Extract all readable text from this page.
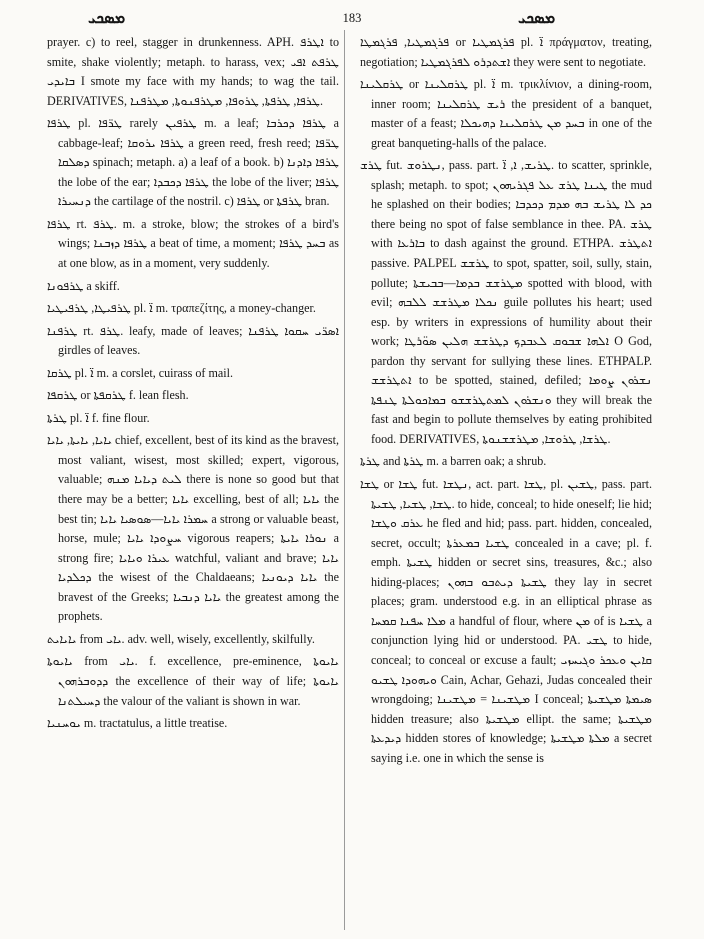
ܡܣܟܝ	183	ܡܣܟܝ

prayer. c) to reel, stagger in drunkenness. APH. ܐܛܪܦ to smite, shake violently; metaph. to harass, vex; ܛܪܦܬ ܐܦܝ ܒܐܝܕܝ I smote my face with my hands; to wag the tail. DERIVATIVES, ܛܪܦܐ, ܛܪܦܬܐ, ܛܪܘܦܐ, ܡܛܪܦܢܘܬܐ, ܡܛܪܦܢܐ.

ܛܪܦܐ pl. ܛܪ̈ܦܐ rarely ܛܪܦܝܢ m. a leaf; ܛܪܦܐ ܕܟܪܒܐ a cabbage-leaf; ܛܪܦܐ ܝܪܘܩܐ a green reed, fresh reed; ܛܪ̈ܦܐ ܕܣܠܩܐ spinach; metaph. a) a leaf of a book. b) ܛܪܦܐ ܕܐܕܢܐ the lobe of the ear; ܛܪܦܐ ܕܟܒܕܐ the lobe of the liver; ܛܪܦܐ ܕܢܚܝܪܐ the cartilage of the nostril. c) ܛܪܦܐ or ܛܪܦܬܐ bran.

ܛܪܦܐ rt. ܛܪܦ. m. a stroke, blow; the strokes of a bird's wings; ܛܪܦܐ ܕܙܒܢܐ a beat of time, a moment; ܒܚܕ ܛܪܦܐ as at one blow, as in a moment, very suddenly.

ܛܪܦܘܢܐ a skiff.

ܛܪܦܝܛܐ, ܛܪܦܝܛܝܐ pl. ܐ̈ m. τραπεζίτης, a money-changer.

ܛܪܦܢܐ rt. ܛܪܦ. leafy, made of leaves; ܐܣܪ̈ܝ ܚܩܘܐ ܛܪܦܢܐ girdles of leaves.

ܛܪܩܐ pl. ܐ̈ m. a corslet, cuirass of mail.

ܛܪܩܦܐ or ܛܪܩܦܬܐ f. lean flesh.

ܛܪܬܐ pl. ܐ̈ f. fine flour.

ܝܐܝܐ, ܝܐܝܬܐ, ܝܐܝܐ chief, excellent, best of its kind as the bravest, most valiant, wisest, most skilled; expert, vigorous, valuable; ܠܝܬ ܕܝܐܝܐ ܡܢܗ there is none so good but that there may be a better; ܝܐܝܐ excelling, best of all; ܝܐܝܐ the best tin; ܚܡܪܐ ܝܐܝܐ—ܣܘܣܝܐ ܝܐܝܐ a strong or valuable beast, horse, mule; ܚܨܘܕܐ ܝܐܝܐ vigorous reapers; ܢܘܪܐ ܝܐܝܬܐ a strong fire; ܥܝܪܐ ܘܝܐܝܐ watchful, valiant and brave; ܝܐܝܐ ܕܟܠܕܝܐ the wisest of the Chaldaeans; ܝܐܝܐ ܕܝܘܢܝܐ the bravest of the Greeks; ܝܐܝܐ ܕܢܒܝܐ the greatest among the prophets.

ܝܐܝܐܝܬ from ܝܐܝ. adv. well, wisely, excellently, skilfully.

ܝܐܝܘܬܐ from ܝܐܝ. f. excellence, pre-eminence, ܝܐܝܘܬܐ ܕܕܘܒܪܗܘܢ the excellence of their way of life; ܝܐܝܘܬܐ ܕܚܝܠܬܢܐ the valour of the valiant is shown in war.

ܝܘܚܢܝܐ m. tractatulus, a little treatise.

ܦܪܓܡܛܝܐ, ܦܪܓܡܛܐ or ܦܪܓܡܛܝܐ pl. ܐ̈ πράγματον, treating, negotiation; ܐܫܬܕܪܘ ܠܦܪܓܡܛܝܐ they were sent to negotiate.

ܛܪܩܠܝܢܐ or ܛܪܩܠܝܢܐ pl. ܐ̈ m. τρικλίνιον, a dining-room, inner room; ܪܝܫ ܛܪܩܠܝܢܐ the president of a banquet, master of a feast; ܒܚܕ ܡܢ ܛܪܩܠܝܢܐ ܕܗܝܟܠܐ in one of the great banqueting-halls of the palace.

ܛܪܫ fut. ܢܛܪܘܫ, pass. part. ܛܪܝܫ, ܐ, ܐ̈. to scatter, sprinkle, splash; metaph. to spot; ܛܝܢܐ ܛܪܫ ܥܠ ܦܓܪܝܗܘܢ the mud he splashed on their bodies; ܟܕ ܠܐ ܛܪܝܫ ܒܗ ܡܕܡ ܕܟܕܒܐ there being no spot of false semblance in thee. PA. ܛܪܫ with ܒܐܪܥܐ to dash against the ground. ETHPA. ܐܬܛܪܫ passive. PALPEL ܛܪܫܫ to spot, spatter, soil, sully, stain, pollute; ܡܛܪܫܫ ܒܕܡܐ—ܒܒܝܫܬܐ spotted with blood, with evil; ܢܟܠܐ ܡܛܪܫܫ ܠܠܒܗ guile pollutes his heart; used esp. by writers in expressions of humility about their work; ܐܠܗܐ ܫܒܘܩ ܠܥܒܕܟ ܕܛܪܫܫ ܗܠܝܢ ܣܘ̈ܪܛܐ O God, pardon thy servant for sullying these lines. ETHPALP. ܐܬܛܪܫܫ to be spotted, stained, defiled; ܢܫܪܘܢ ܨܘܡܐ ܘܢܫܪܘܢ ܠܡܬܛܪܫܫܘ ܒܡܐܟܘܠܬܐ ܛܢܦܬܐ they will break the fast and begin to pollute themselves by eating prohibited food. DERIVATIVES, ܛܪܫܐ, ܛܪܘܫܐ, ܡܛܪܫܫܢܘܬܐ.

ܛܪܬܐ and ܛܪܬܐ m. a barren oak; a shrub.

ܛܫܐ or ܛܫܐ fut. ܢܛܫܐ, act. part. ܛܫܐ, pl. ܛܫܝܢ, pass. part. ܛܫܐ, ܛܫܝܐ, ܛܫܝܬܐ. to hide, conceal; to hide oneself; lie hid; ܥܪܩ ܘܛܫܐ he fled and hid; pass. part. hidden, concealed, secret, occult; ܛܫܝܐ ܒܡܥܪܬܐ concealed in a cave; pl. f. emph. ܛܫܝܬܐ hidden or secret sins, treasures, &c.; also hiding-places; ܛܫܝܬܐ ܕܝܬܒܘ ܒܗܘܢ they lay in secret places; gram. understood e.g. in an elliptical phrase as ܡܠܐ ܚܦܢܐ ܩܡܚܐ a handful of flour, where ܡܢ of is ܛܫܝܐ a conjunction lying hid or understood. PA. ܛܫܝ to hide, conceal; to conceal or excuse a fault; ܩܐܝܢ ܘܥܟܪ ܘܓܝܚܙܝ ܘܝܗܘܕܐ ܛܫܝܘ Cain, Achar, Gehazi, Judas concealed their wrongdoing; ܡܛܫܝܢܐ = ܡܛܫܝܢܐ I conceal; ܣܝܡܬܐ ܡܛܫܝܬܐ hidden treasure; also ܡܛܫܝܬܐ ellipt. the same; ܡܛܫܝܬܐ ܕܝܕܥܬܐ hidden stores of knowledge; ܡܠܬܐ ܡܛܫܝܬܐ a secret saying i.e. one in which the sense is
